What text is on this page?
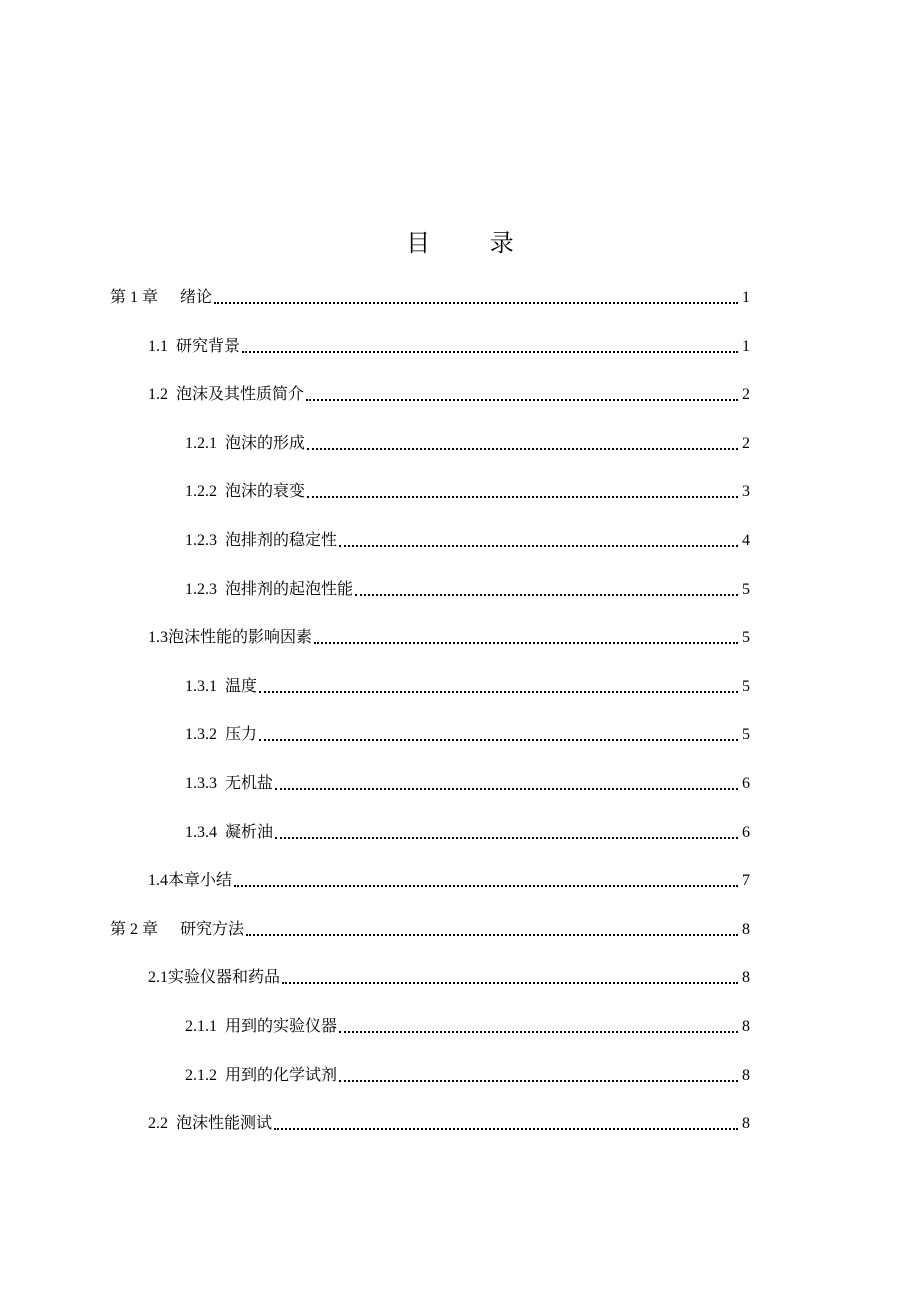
目 录
第 1 章 绪论	1
1.1 研究背景	1
1.2 泡沫及其性质简介	2
1.2.1 泡沫的形成	2
1.2.2 泡沫的衰变	3
1.2.3 泡排剂的稳定性	4
1.2.3 泡排剂的起泡性能	5
1.3 泡沫性能的影响因素	5
1.3.1 温度	5
1.3.2 压力	5
1.3.3 无机盐	6
1.3.4 凝析油	6
1.4 本章小结	7
第 2 章 研究方法	8
2.1 实验仪器和药品	8
2.1.1 用到的实验仪器	8
2.1.2 用到的化学试剂	8
2.2 泡沫性能测试	8
